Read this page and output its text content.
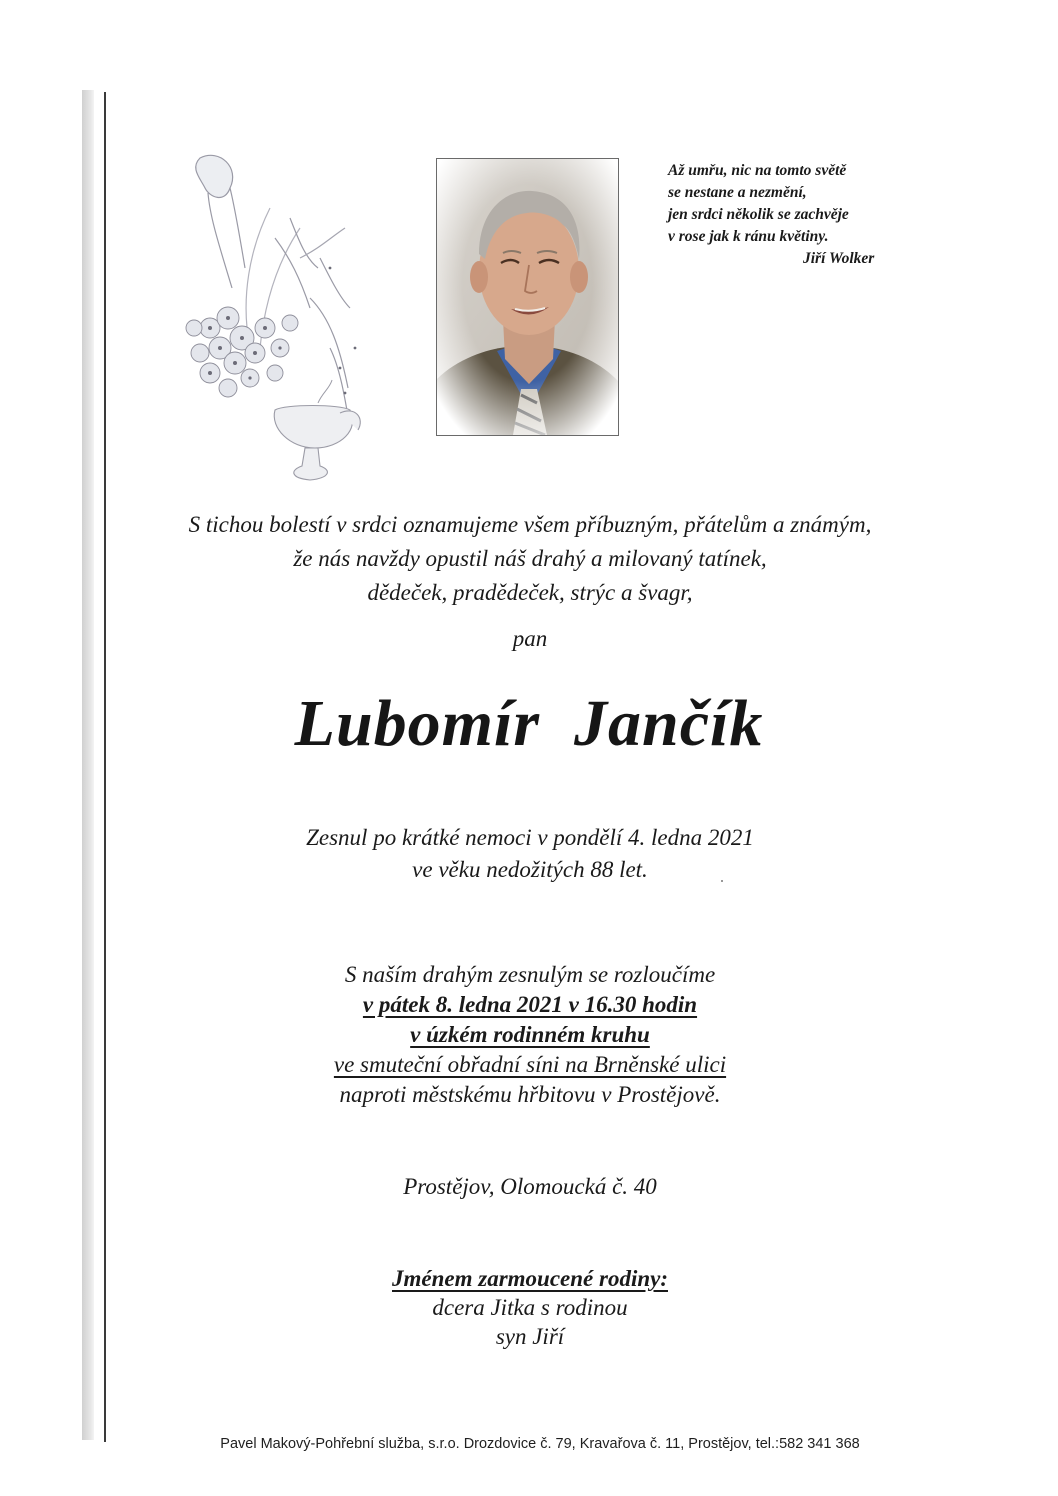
Až umřu, nic na tomto světě
se nestane a nezmění,
jen srdci několik se zachvěje
v rose jak k ránu květiny.
Jiří Wolker
S tichou bolestí v srdci oznamujeme všem příbuzným, přátelům a známým,
že nás navždy opustil náš drahý a milovaný tatínek,
dědeček, pradědeček, strýc a švagr,
pan
Lubomír Jančík
Zesnul po krátké nemoci v pondělí 4. ledna 2021
ve věku nedožitých 88 let.
S naším drahým zesnulým se rozloučíme
v pátek 8. ledna 2021 v 16.30 hodin
v úzkém rodinném kruhu
ve smuteční obřadní síni na Brněnské ulici
naproti městskému hřbitovu v Prostějově.
Prostějov, Olomoucká č. 40
Jménem zarmoucené rodiny:
dcera Jitka s rodinou
syn Jiří
Pavel Makový-Pohřební služba, s.r.o. Drozdovice č. 79, Kravařova č. 11, Prostějov, tel.:582 341 368
